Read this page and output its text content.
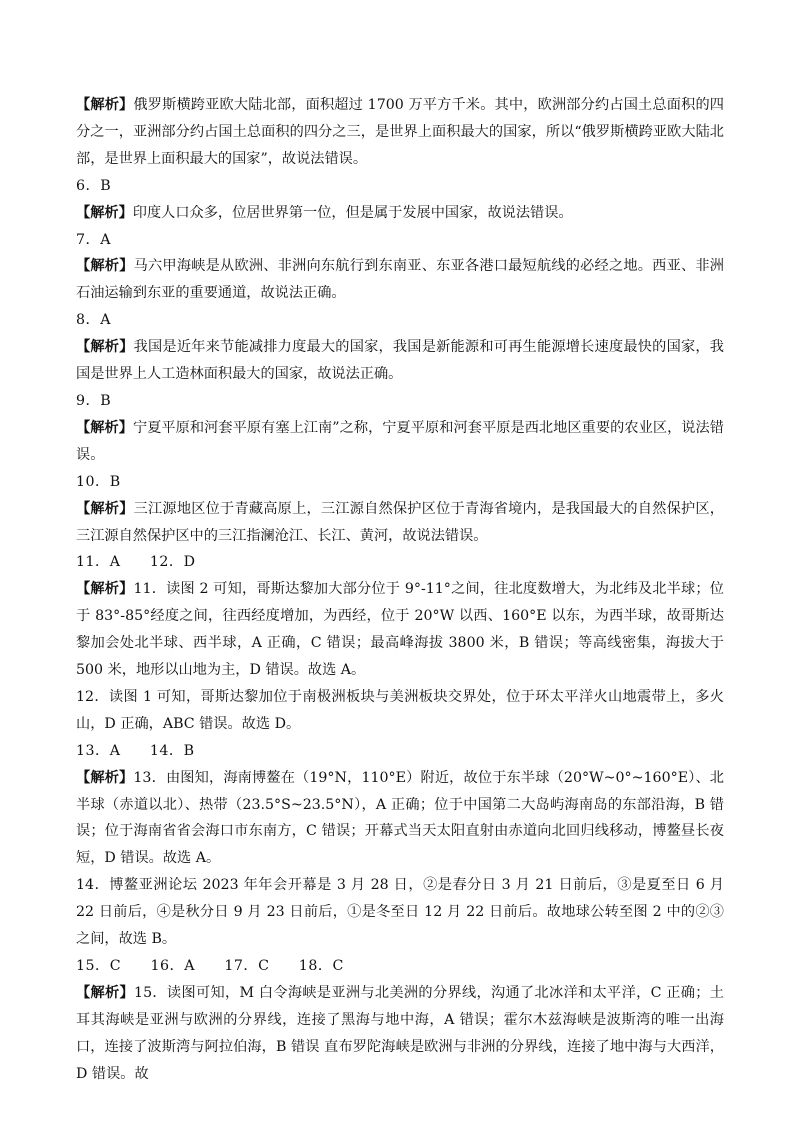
【解析】俄罗斯横跨亚欧大陆北部，面积超过 1700 万平方千米。其中，欧洲部分约占国土总面积的四分之一，亚洲部分约占国土总面积的四分之三，是世界上面积最大的国家，所以“俄罗斯横跨亚欧大陆北部，是世界上面积最大的国家”，故说法错误。

6．B

【解析】印度人口众多，位居世界第一位，但是属于发展中国家，故说法错误。

7．A

【解析】马六甲海峡是从欧洲、非洲向东航行到东南亚、东亚各港口最短航线的必经之地。西亚、非洲石油运输到东亚的重要通道，故说法正确。

8．A

【解析】我国是近年来节能减排力度最大的国家，我国是新能源和可再生能源增长速度最快的国家，我国是世界上人工造林面积最大的国家，故说法正确。

9．B

【解析】宁夏平原和河套平原有塞上江南”之称，宁夏平原和河套平原是西北地区重要的农业区，说法错误。

10．B

【解析】三江源地区位于青藏高原上，三江源自然保护区位于青海省境内，是我国最大的自然保护区，三江源自然保护区中的三江指澜沧江、长江、黄河，故说法错误。

11．A　　12．D

【解析】11．读图 2 可知，哥斯达黎加大部分位于 9°-11°之间，往北度数增大，为北纬及北半球；位于 83°-85°经度之间，往西经度增加，为西经，位于 20°W 以西、160°E 以东，为西半球，故哥斯达黎加会处北半球、西半球，A 正确，C 错误；最高峰海拔 3800 米，B 错误；等高线密集，海拔大于 500 米，地形以山地为主，D 错误。故选 A。

12．读图 1 可知，哥斯达黎加位于南极洲板块与美洲板块交界处，位于环太平洋火山地震带上，多火山，D 正确，ABC 错误。故选 D。

13．A　　14．B

【解析】13．由图知，海南博鳌在（19°N，110°E）附近，故位于东半球（20°W~0°~160°E）、北半球（赤道以北）、热带（23.5°S~23.5°N），A 正确；位于中国第二大岛屿海南岛的东部沿海，B 错误；位于海南省省会海口市东南方，C 错误；开幕式当天太阳直射由赤道向北回归线移动，博鳌昼长夜短，D 错误。故选 A。

14．博鳌亚洲论坛 2023 年年会开幕是 3 月 28 日，②是春分日 3 月 21 日前后，③是夏至日 6 月 22 日前后，④是秋分日 9 月 23 日前后，①是冬至日 12 月 22 日前后。故地球公转至图 2 中的②③之间，故选 B。

15．C　　16．A　　17．C　　18．C

【解析】15．读图可知，M 白令海峡是亚洲与北美洲的分界线，沟通了北冰洋和太平洋，C 正确；土耳其海峡是亚洲与欧洲的分界线，连接了黑海与地中海，A 错误；霍尔木兹海峡是波斯湾的唯一出海口，连接了波斯湾与阿拉伯海，B 错误 直布罗陀海峡是欧洲与非洲的分界线，连接了地中海与大西洋，D 错误。故
